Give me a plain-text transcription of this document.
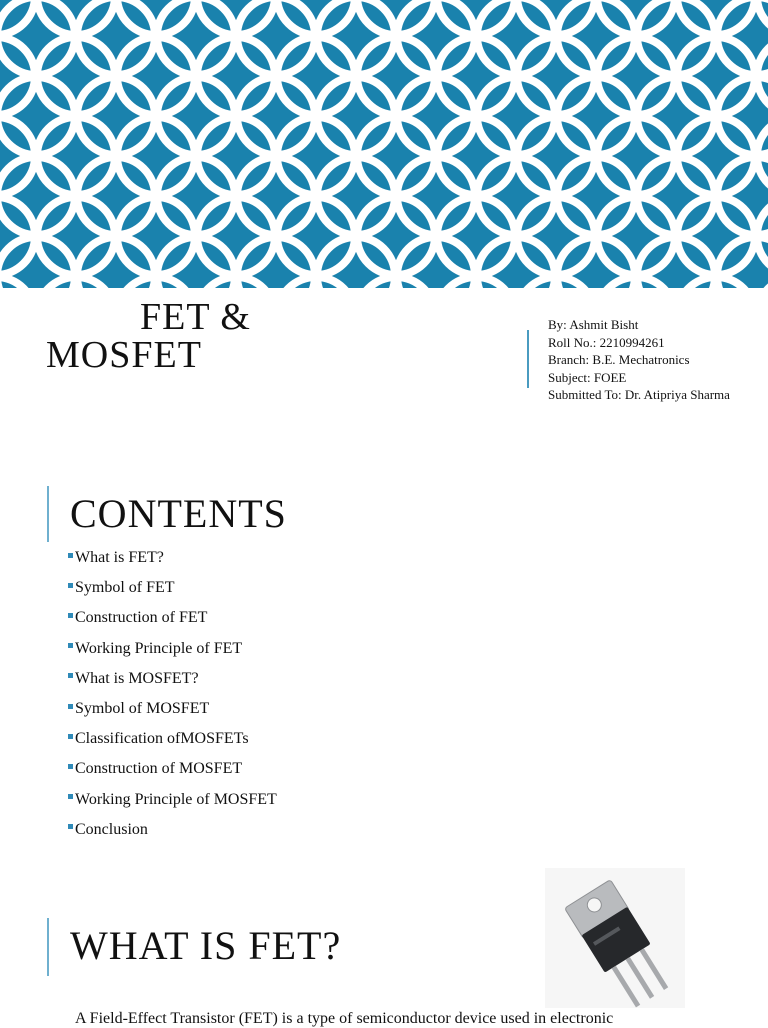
FET &
MOSFET
By: Ashmit Bisht
Roll No.: 2210994261
Branch: B.E. Mechatronics
Subject: FOEE
Submitted To: Dr. Atipriya Sharma
CONTENTS
What is FET?
Symbol of FET
Construction of FET
Working Principle of FET
What is MOSFET?
Symbol of MOSFET
Classification ofMOSFETs
Construction of MOSFET
Working Principle of MOSFET
Conclusion
WHAT IS FET?
A Field-Effect Transistor (FET) is a type of semiconductor device used in electronic
